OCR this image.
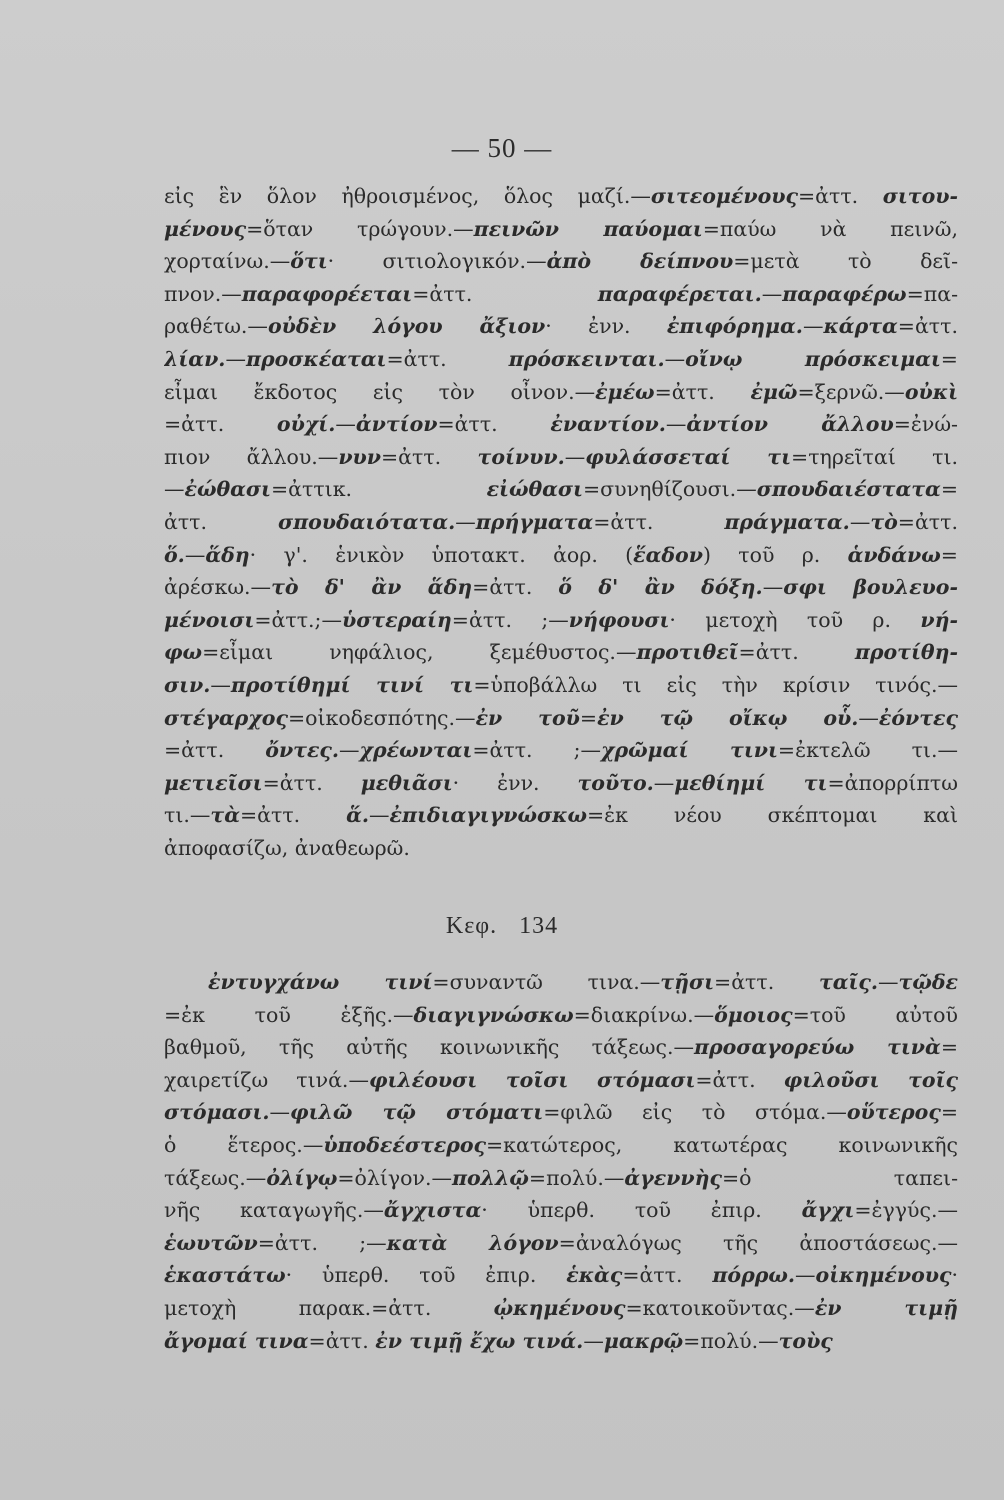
— 50 —
εἰς ἓν ὅλον ἠθροισμένος, ὅλος μαζί.—σιτεομένους=ἀττ. σιτου-
μένους=ὅταν τρώγουν.—πεινῶν παύομαι=παύω νὰ πεινῶ,
χορταίνω.—ὅτι· σιτιολογικόν.—ἀπὸ δείπνου=μετὰ τὸ δεῖ-
πνον.—παραφορέεται=ἀττ. παραφέρεται.—παραφέρω=πα-
ραθέτω.—οὐδὲν λόγου ἄξιον· ἐνν. ἐπιφόρημα.—κάρτα=ἀττ.
λίαν.—προσκέαται=ἀττ. πρόσκεινται.—οἴνῳ πρόσκειμαι=
εἶμαι ἔκδοτος εἰς τὸν οἶνον.—ἐμέω=ἀττ. ἐμῶ=ξερνῶ.—οὐκὶ
=ἀττ. οὐχί.—ἀντίον=ἀττ. ἐναντίον.—ἀντίον ἄλλου=ἐνώ-
πιον ἄλλου.—νυν=ἀττ. τοίνυν.—φυλάσσεταί τι=τηρεῖταί τι.
—ἐώθασι=ἀττικ. εἰώθασι=συνηθίζουσι.—σπουδαιέστατα=
ἀττ. σπουδαιότατα.—πρήγματα=ἀττ. πράγματα.—τὸ=ἀττ.
ὅ.—ἅδη· γ'. ἑνικὸν ὑποτακτ. ἀορ. (ἕαδον) τοῦ ρ. ἁνδάνω=
ἀρέσκω.—τὸ δ' ἂν ἅδη=ἀττ. ὅ δ' ἂν δόξη.—σφι βουλευο-
μένοισι=ἀττ.;—ὑστεραίη=ἀττ. ;—νήφουσι· μετοχὴ τοῦ ρ. νή-
φω=εἶμαι νηφάλιος, ξεμέθυστος.—προτιθεῖ=ἀττ. προτίθη-
σιν.—προτίθημί τινί τι=ὑποβάλλω τι εἰς τὴν κρίσιν τινός.—
στέγαρχος=οἰκοδεσπότης.—ἐν τοῦ=ἐν τῷ οἴκῳ οὗ.—ἐόντες
=ἀττ. ὄντες.—χρέωνται=ἀττ. ;—χρῶμαί τινι=ἐκτελῶ τι.—
μετιεῖσι=ἀττ. μεθιᾶσι· ἐνν. τοῦτο.—μεθίημί τι=ἀπορρίπτω
τι.—τὰ=ἀττ. ἅ.—ἐπιδιαγιγνώσκω=ἐκ νέου σκέπτομαι καὶ
ἀποφασίζω, ἀναθεωρῶ.
Κεφ. 134
ἐντυγχάνω τινί=συναντῶ τινα.—τῇσι=ἀττ. ταῖς.—τῷδε
=ἐκ τοῦ ἑξῆς.—διαγιγνώσκω=διακρίνω.—ὅμοιος=τοῦ αὐτοῦ
βαθμοῦ, τῆς αὐτῆς κοινωνικῆς τάξεως.—προσαγορεύω τινὰ=
χαιρετίζω τινά.—φιλέουσι τοῖσι στόμασι=ἀττ. φιλοῦσι τοῖς
στόμασι.—φιλῶ τῷ στόματι=φιλῶ εἰς τὸ στόμα.—οὕτερος=
ὁ ἕτερος.—ὑποδεέστερος=κατώτερος, κατωτέρας κοινωνικῆς
τάξεως.—ὀλίγῳ=ὀλίγον.—πολλῷ=πολύ.—ἀγεννὴς=ὁ ταπει-
νῆς καταγωγῆς.—ἄγχιστα· ὑπερθ. τοῦ ἐπιρ. ἄγχι=ἐγγύς.—
ἑωυτῶν=ἀττ. ;—κατὰ λόγον=ἀναλόγως τῆς ἀποστάσεως.—
ἑκαστάτω· ὑπερθ. τοῦ ἐπιρ. ἑκὰς=ἀττ. πόρρω.—οἰκημένους·
μετοχὴ παρακ.=ἀττ. ᾠκημένους=κατοικοῦντας.—ἐν τιμῇ
ἄγομαί τινα=ἀττ. ἐν τιμῇ ἔχω τινά.—μακρῷ=πολύ.—τοὺς
